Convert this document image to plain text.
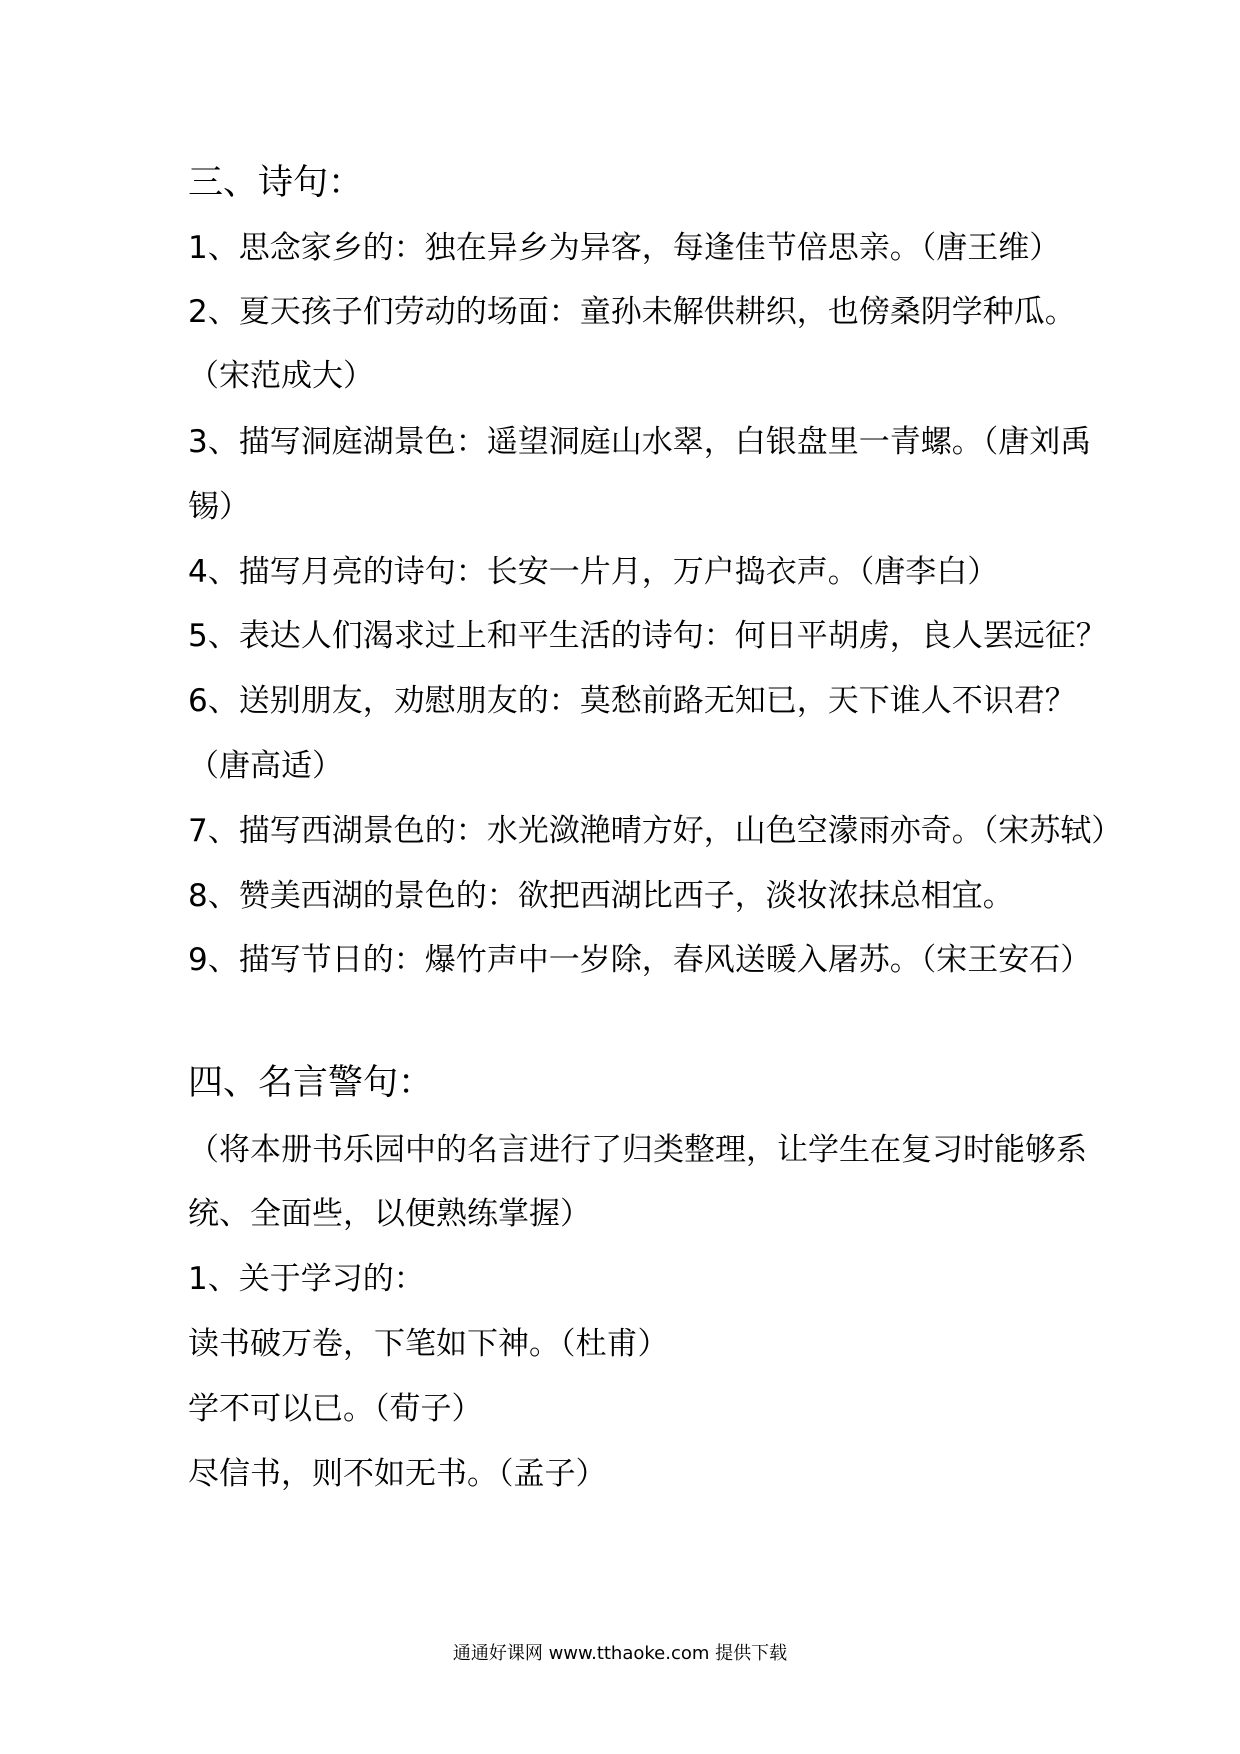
三、诗句：
1、思念家乡的：独在异乡为异客，每逢佳节倍思亲。（唐王维）
2、夏天孩子们劳动的场面：童孙未解供耕织，也傍桑阴学种瓜。
（宋范成大）
3、描写洞庭湖景色：遥望洞庭山水翠，白银盘里一青螺。（唐刘禹
锡）
4、描写月亮的诗句：长安一片月，万户捣衣声。（唐李白）
5、表达人们渴求过上和平生活的诗句：何日平胡虏，良人罢远征？
6、送别朋友，劝慰朋友的：莫愁前路无知已，天下谁人不识君？
（唐高适）
7、描写西湖景色的：水光潋滟晴方好，山色空濛雨亦奇。（宋苏轼）
8、赞美西湖的景色的：欲把西湖比西子，淡妆浓抹总相宜。
9、描写节日的：爆竹声中一岁除，春风送暖入屠苏。（宋王安石）
四、名言警句：
（将本册书乐园中的名言进行了归类整理，让学生在复习时能够系
统、全面些，以便熟练掌握）
1、关于学习的：
读书破万卷，下笔如下神。（杜甫）
学不可以已。（荀子）
尽信书，则不如无书。（孟子）
通通好课网 www.tthaoke.com 提供下载
